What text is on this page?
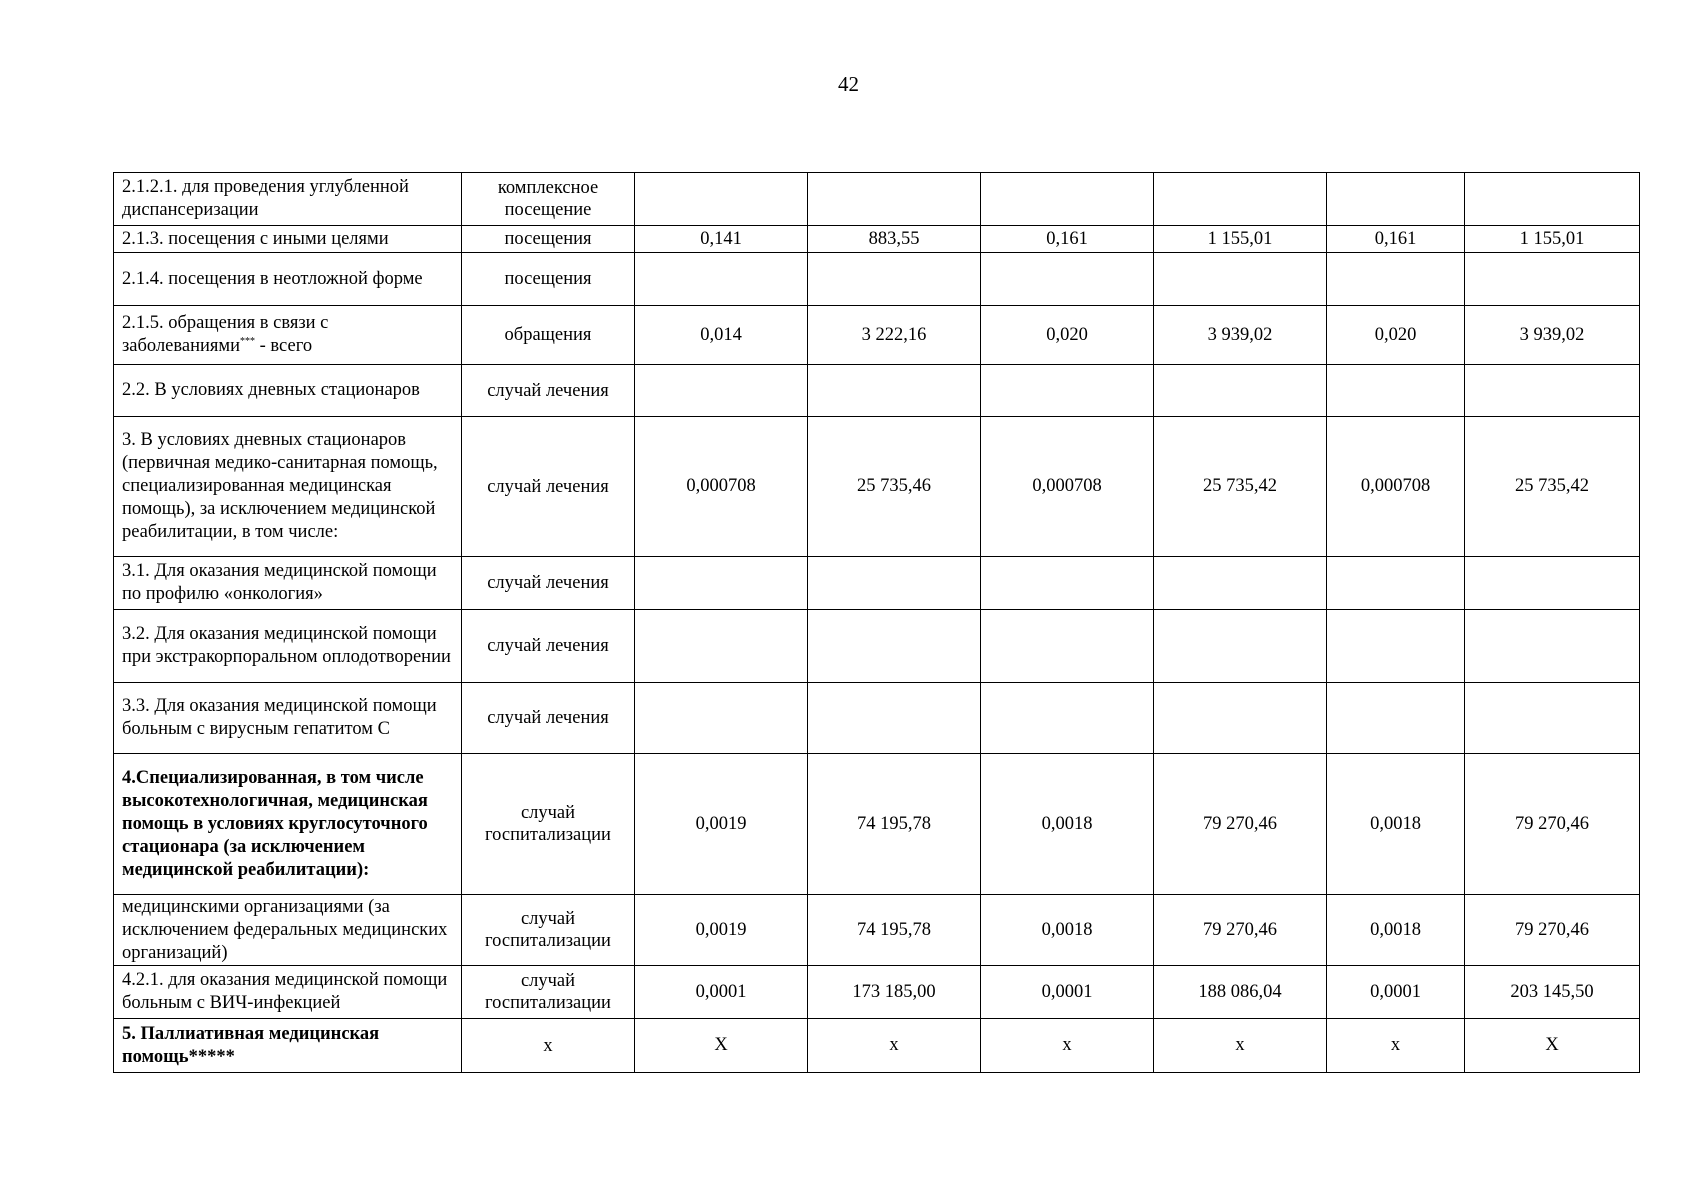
42
2.1.2.1. для проведения углубленной диспансеризации	комплексное посещение						
2.1.3. посещения с иными целями	посещения	0,141	883,55	0,161	1 155,01	0,161	1 155,01
2.1.4. посещения в неотложной форме	посещения						
2.1.5. обращения в связи с заболеваниями*** - всего	обращения	0,014	3 222,16	0,020	3 939,02	0,020	3 939,02
2.2. В условиях дневных стационаров	случай лечения						
3. В условиях дневных стационаров (первичная медико-санитарная помощь, специализированная медицинская помощь), за исключением медицинской реабилитации, в том числе:	случай лечения	0,000708	25 735,46	0,000708	25 735,42	0,000708	25 735,42
3.1. Для оказания медицинской помощи по профилю «онкология»	случай лечения						
3.2. Для оказания медицинской помощи при экстракорпоральном оплодотворении	случай лечения						
3.3. Для оказания медицинской помощи больным с вирусным гепатитом С	случай лечения						
4.Специализированная, в том числе высокотехнологичная, медицинская помощь в условиях круглосуточного стационара (за исключением медицинской реабилитации):	случай госпитализации	0,0019	74 195,78	0,0018	79 270,46	0,0018	79 270,46
медицинскими организациями (за исключением федеральных медицинских организаций)	случай госпитализации	0,0019	74 195,78	0,0018	79 270,46	0,0018	79 270,46
4.2.1. для оказания медицинской помощи больным с ВИЧ-инфекцией	случай госпитализации	0,0001	173 185,00	0,0001	188 086,04	0,0001	203 145,50
5. Паллиативная медицинская помощь*****	х	Х	х	х	х	х	Х
